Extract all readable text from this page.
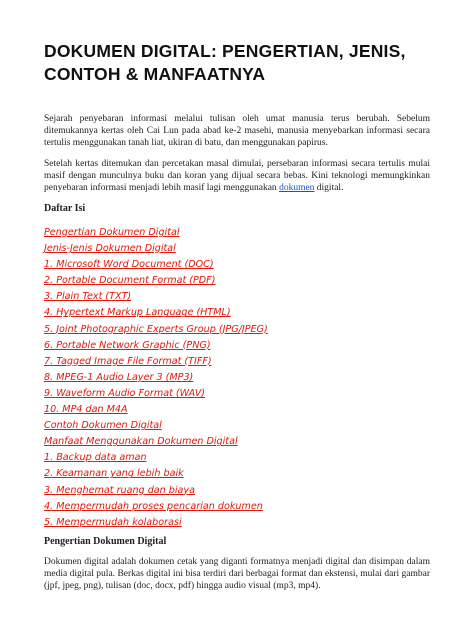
DOKUMEN DIGITAL: PENGERTIAN, JENIS, CONTOH & MANFAATNYA

Sejarah penyebaran informasi melalui tulisan oleh umat manusia terus berubah. Sebelum ditemukannya kertas oleh Cai Lun pada abad ke-2 masehi, manusia menyebarkan informasi secara tertulis menggunakan tanah liat, ukiran di batu, dan menggunakan papirus.

Setelah kertas ditemukan dan percetakan masal dimulai, persebaran informasi secara tertulis mulai masif dengan munculnya buku dan koran yang dijual secara bebas. Kini teknologi memungkinkan penyebaran informasi menjadi lebih masif lagi menggunakan dokumen digital.

Daftar Isi
Pengertian Dokumen Digital
Jenis-Jenis Dokumen Digital
1. Microsoft Word Document (DOC)
2. Portable Document Format (PDF)
3. Plain Text (TXT)
4. Hypertext Markup Language (HTML)
5. Joint Photographic Experts Group (JPG/JPEG)
6. Portable Network Graphic (PNG)
7. Tagged Image File Format (TIFF)
8. MPEG-1 Audio Layer 3 (MP3)
9. Waveform Audio Format (WAV)
10. MP4 dan M4A
Contoh Dokumen Digital
Manfaat Menggunakan Dokumen Digital
1. Backup data aman
2. Keamanan yang lebih baik
3. Menghemat ruang dan biaya
4. Mempermudah proses pencarian dokumen
5. Mempermudah kolaborasi
Pengertian Dokumen Digital

Dokumen digital adalah dokumen cetak yang diganti formatnya menjadi digital dan disimpan dalam media digital pula. Berkas digital ini bisa terdiri dari berbagai format dan ekstensi, mulai dari gambar (jpf, jpeg, png), tulisan (doc, docx, pdf) hingga audio visual (mp3, mp4).
